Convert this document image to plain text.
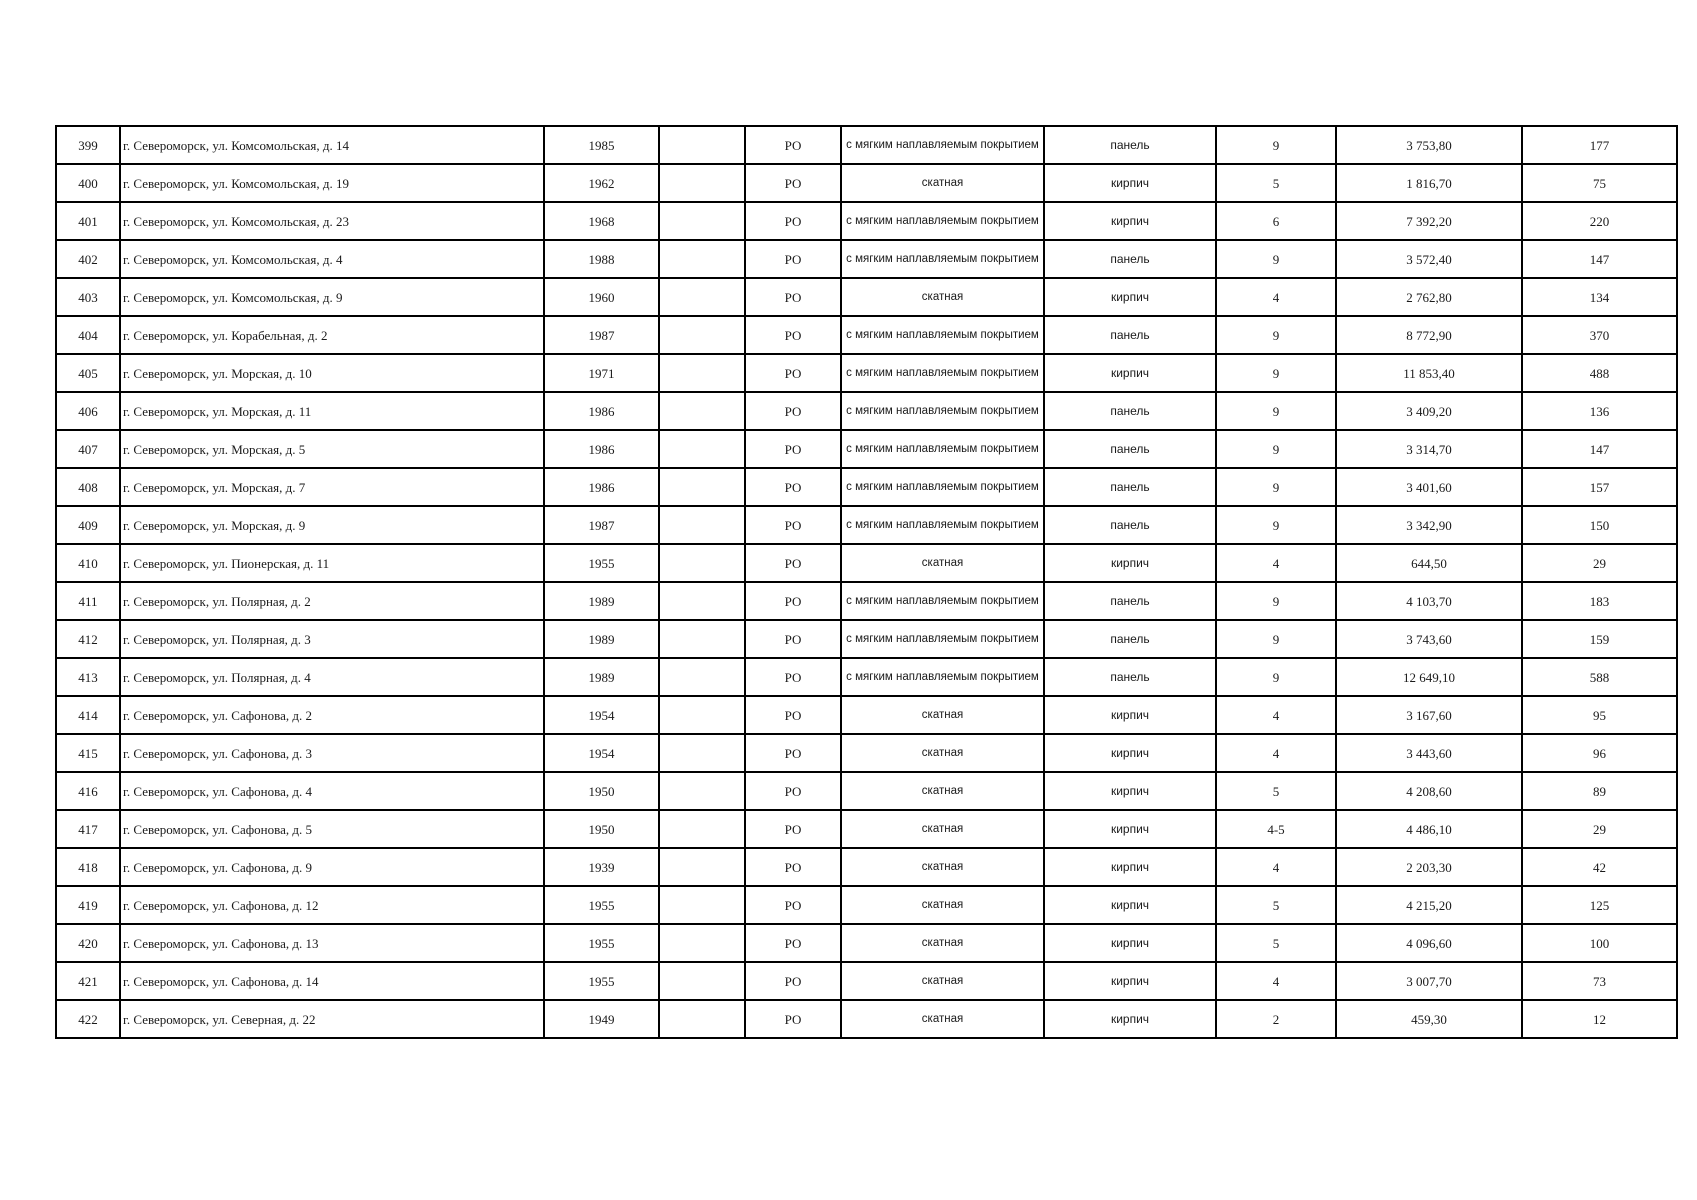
399	г. Североморск, ул. Комсомольская, д. 14	1985		РО	с мягким наплавляемым покрытием	панель	9	3 753,80	177
400	г. Североморск, ул. Комсомольская, д. 19	1962		РО	скатная	кирпич	5	1 816,70	75
401	г. Североморск, ул. Комсомольская, д. 23	1968		РО	с мягким наплавляемым покрытием	кирпич	6	7 392,20	220
402	г. Североморск, ул. Комсомольская, д. 4	1988		РО	с мягким наплавляемым покрытием	панель	9	3 572,40	147
403	г. Североморск, ул. Комсомольская, д. 9	1960		РО	скатная	кирпич	4	2 762,80	134
404	г. Североморск, ул. Корабельная, д. 2	1987		РО	с мягким наплавляемым покрытием	панель	9	8 772,90	370
405	г. Североморск, ул. Морская, д. 10	1971		РО	с мягким наплавляемым покрытием	кирпич	9	11 853,40	488
406	г. Североморск, ул. Морская, д. 11	1986		РО	с мягким наплавляемым покрытием	панель	9	3 409,20	136
407	г. Североморск, ул. Морская, д. 5	1986		РО	с мягким наплавляемым покрытием	панель	9	3 314,70	147
408	г. Североморск, ул. Морская, д. 7	1986		РО	с мягким наплавляемым покрытием	панель	9	3 401,60	157
409	г. Североморск, ул. Морская, д. 9	1987		РО	с мягким наплавляемым покрытием	панель	9	3 342,90	150
410	г. Североморск, ул. Пионерская, д. 11	1955		РО	скатная	кирпич	4	644,50	29
411	г. Североморск, ул. Полярная, д. 2	1989		РО	с мягким наплавляемым покрытием	панель	9	4 103,70	183
412	г. Североморск, ул. Полярная, д. 3	1989		РО	с мягким наплавляемым покрытием	панель	9	3 743,60	159
413	г. Североморск, ул. Полярная, д. 4	1989		РО	с мягким наплавляемым покрытием	панель	9	12 649,10	588
414	г. Североморск, ул. Сафонова, д. 2	1954		РО	скатная	кирпич	4	3 167,60	95
415	г. Североморск, ул. Сафонова, д. 3	1954		РО	скатная	кирпич	4	3 443,60	96
416	г. Североморск, ул. Сафонова, д. 4	1950		РО	скатная	кирпич	5	4 208,60	89
417	г. Североморск, ул. Сафонова, д. 5	1950		РО	скатная	кирпич	4-5	4 486,10	29
418	г. Североморск, ул. Сафонова, д. 9	1939		РО	скатная	кирпич	4	2 203,30	42
419	г. Североморск, ул. Сафонова, д. 12	1955		РО	скатная	кирпич	5	4 215,20	125
420	г. Североморск, ул. Сафонова, д. 13	1955		РО	скатная	кирпич	5	4 096,60	100
421	г. Североморск, ул. Сафонова, д. 14	1955		РО	скатная	кирпич	4	3 007,70	73
422	г. Североморск, ул. Северная, д. 22	1949		РО	скатная	кирпич	2	459,30	12
